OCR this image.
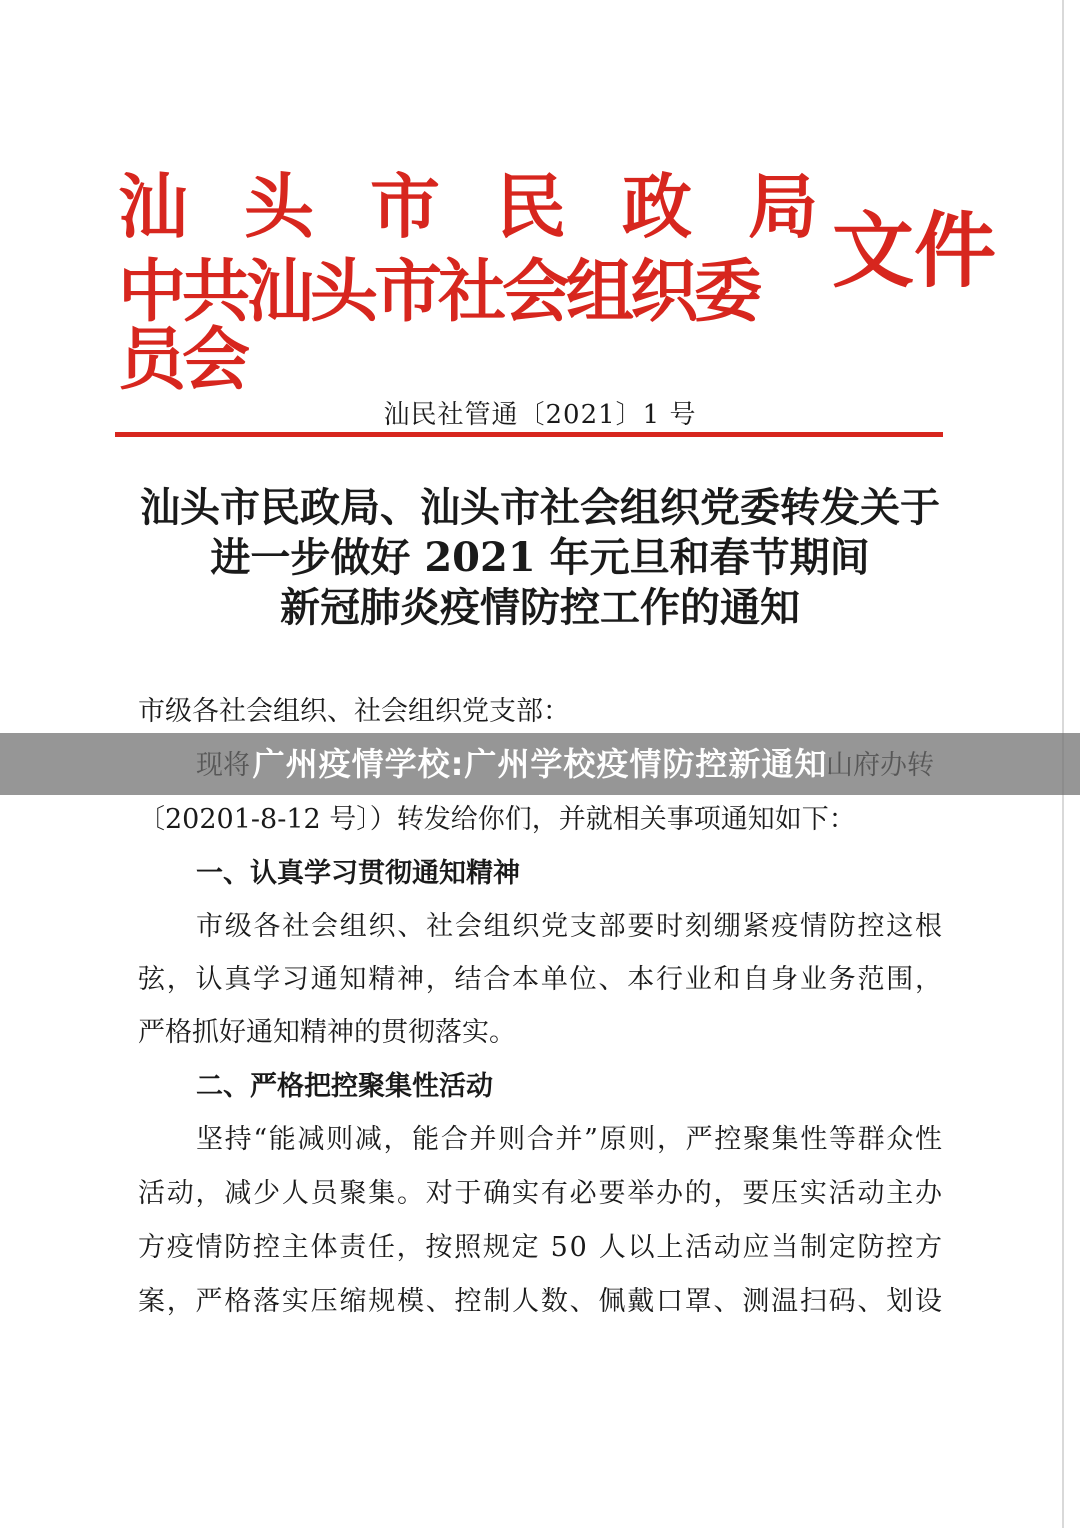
汕 头 市 民 政 局
中共汕头市社会组织委员会
文件
汕民社管通〔2021〕1 号
汕头市民政局、汕头市社会组织党委转发关于
进一步做好 2021 年元旦和春节期间
新冠肺炎疫情防控工作的通知
市级各社会组织、社会组织党支部：
〔20201-8-12 号〕）转发给你们，并就相关事项通知如下：
一、认真学习贯彻通知精神
市级各社会组织、社会组织党支部要时刻绷紧疫情防控这根
弦，认真学习通知精神，结合本单位、本行业和自身业务范围，
严格抓好通知精神的贯彻落实。
二、严格把控聚集性活动
坚持“能减则减，能合并则合并”原则，严控聚集性等群众性
活动，减少人员聚集。对于确实有必要举办的，要压实活动主办
方疫情防控主体责任，按照规定 50 人以上活动应当制定防控方
案，严格落实压缩规模、控制人数、佩戴口罩、测温扫码、划设
广州疫情学校:广州学校疫情防控新通知
